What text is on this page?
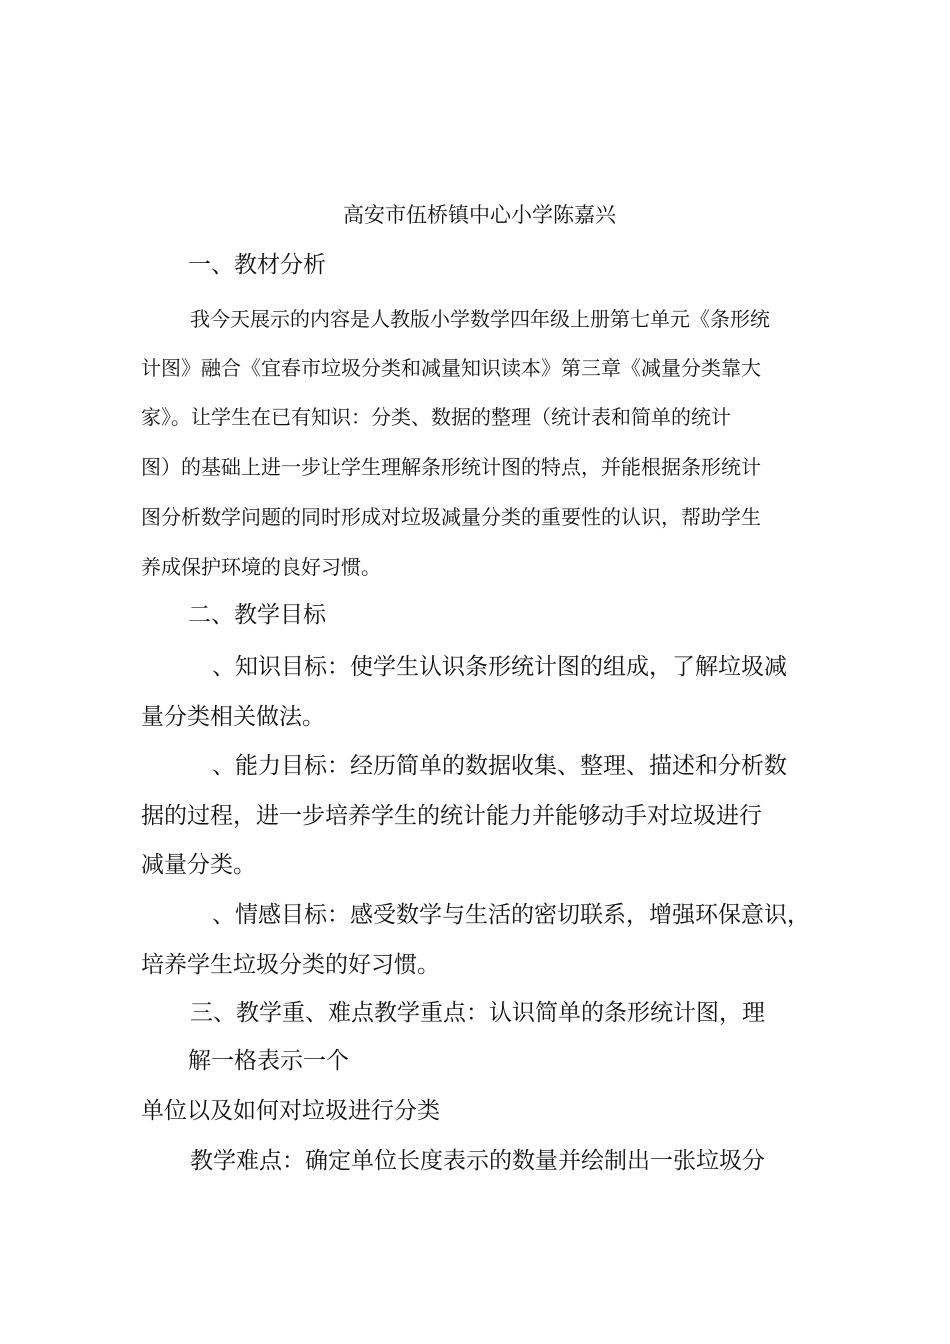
高安市伍桥镇中心小学陈嘉兴
一、教材分析
我今天展示的内容是人教版小学数学四年级上册第七单元《条形统
计图》融合《宜春市垃圾分类和减量知识读本》第三章《减量分类靠大
家》。让学生在已有知识：分类、数据的整理（统计表和简单的统计
图）的基础上进一步让学生理解条形统计图的特点，并能根据条形统计
图分析数学问题的同时形成对垃圾减量分类的重要性的认识，帮助学生
养成保护环境的良好习惯。
二、教学目标
、知识目标：使学生认识条形统计图的组成，了解垃圾减
量分类相关做法。
、能力目标：经历简单的数据收集、整理、描述和分析数
据的过程，进一步培养学生的统计能力并能够动手对垃圾进行
减量分类。
、情感目标：感受数学与生活的密切联系，增强环保意识，
培养学生垃圾分类的好习惯。
三、教学重、难点教学重点：认识简单的条形统计图，理
解一格表示一个
单位以及如何对垃圾进行分类
教学难点：确定单位长度表示的数量并绘制出一张垃圾分
